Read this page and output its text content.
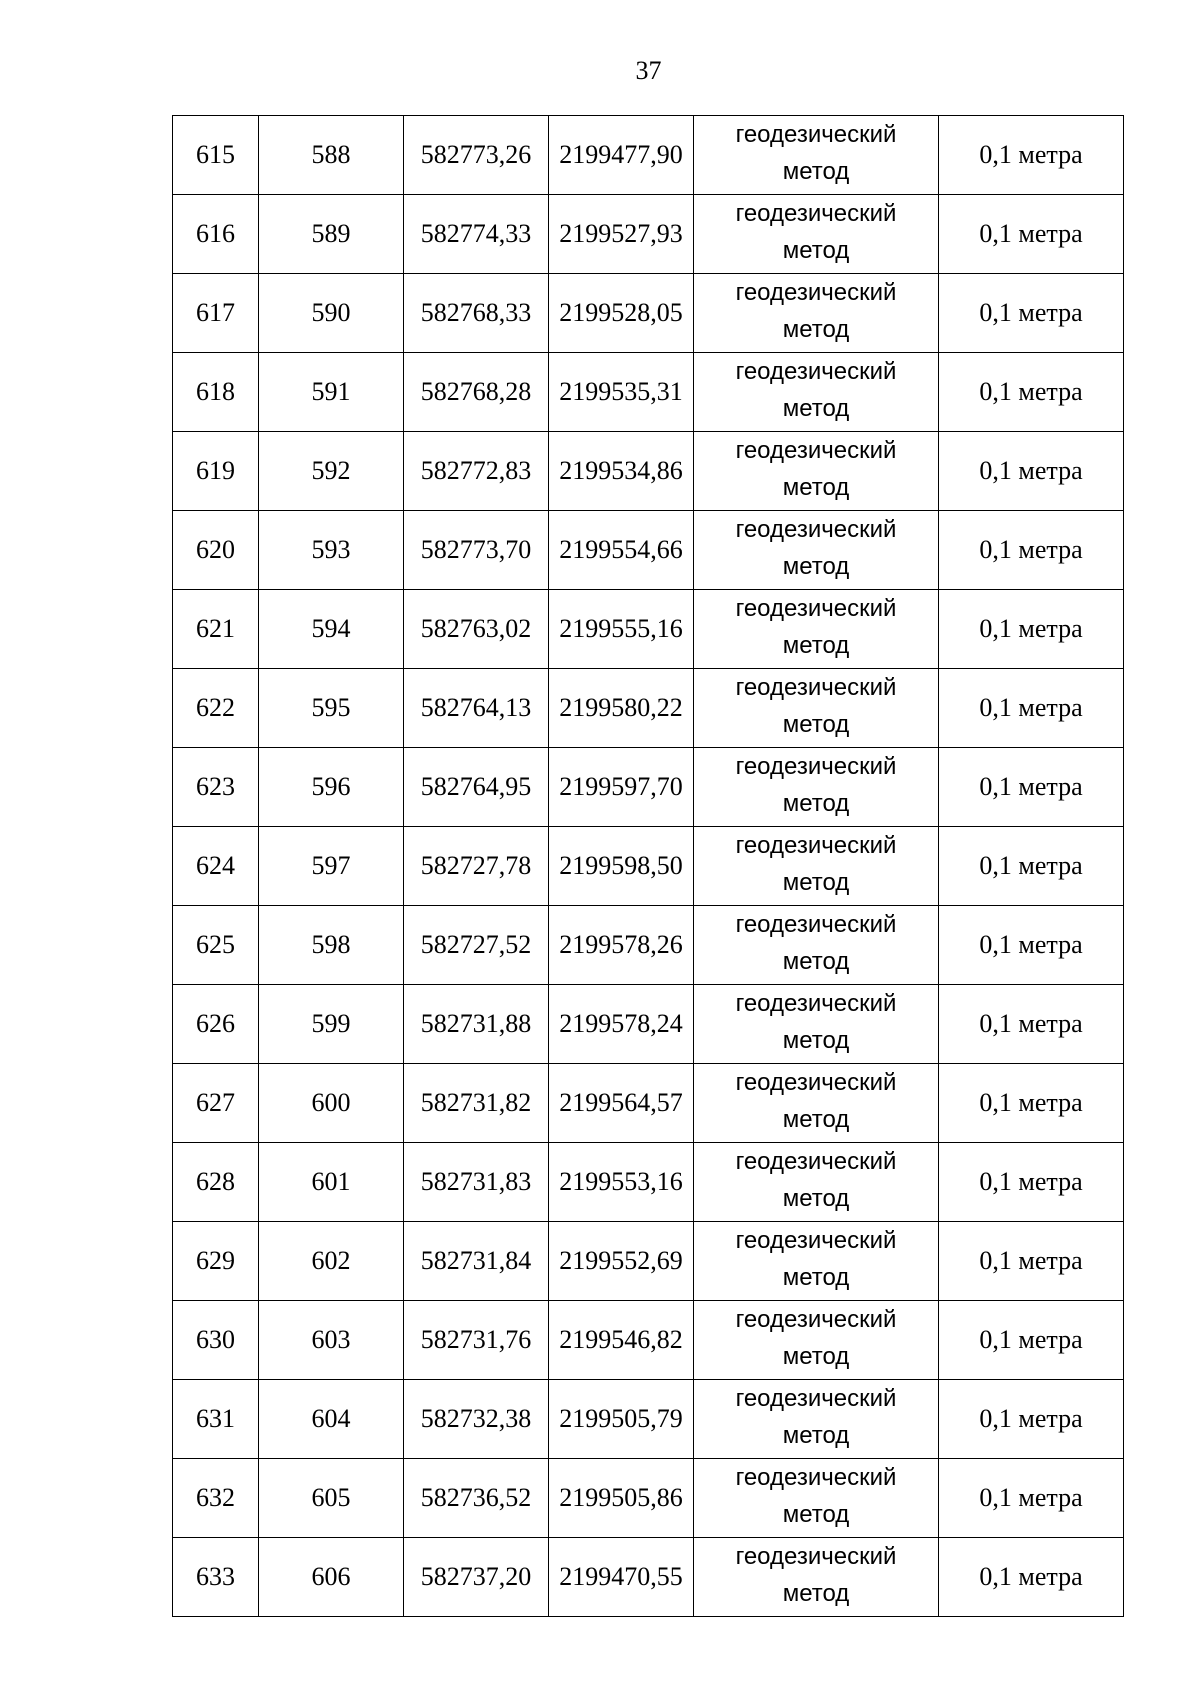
37
615	588	582773,26	2199477,90	геодезический
метод	0,1 метра
616	589	582774,33	2199527,93	геодезический
метод	0,1 метра
617	590	582768,33	2199528,05	геодезический
метод	0,1 метра
618	591	582768,28	2199535,31	геодезический
метод	0,1 метра
619	592	582772,83	2199534,86	геодезический
метод	0,1 метра
620	593	582773,70	2199554,66	геодезический
метод	0,1 метра
621	594	582763,02	2199555,16	геодезический
метод	0,1 метра
622	595	582764,13	2199580,22	геодезический
метод	0,1 метра
623	596	582764,95	2199597,70	геодезический
метод	0,1 метра
624	597	582727,78	2199598,50	геодезический
метод	0,1 метра
625	598	582727,52	2199578,26	геодезический
метод	0,1 метра
626	599	582731,88	2199578,24	геодезический
метод	0,1 метра
627	600	582731,82	2199564,57	геодезический
метод	0,1 метра
628	601	582731,83	2199553,16	геодезический
метод	0,1 метра
629	602	582731,84	2199552,69	геодезический
метод	0,1 метра
630	603	582731,76	2199546,82	геодезический
метод	0,1 метра
631	604	582732,38	2199505,79	геодезический
метод	0,1 метра
632	605	582736,52	2199505,86	геодезический
метод	0,1 метра
633	606	582737,20	2199470,55	геодезический
метод	0,1 метра
